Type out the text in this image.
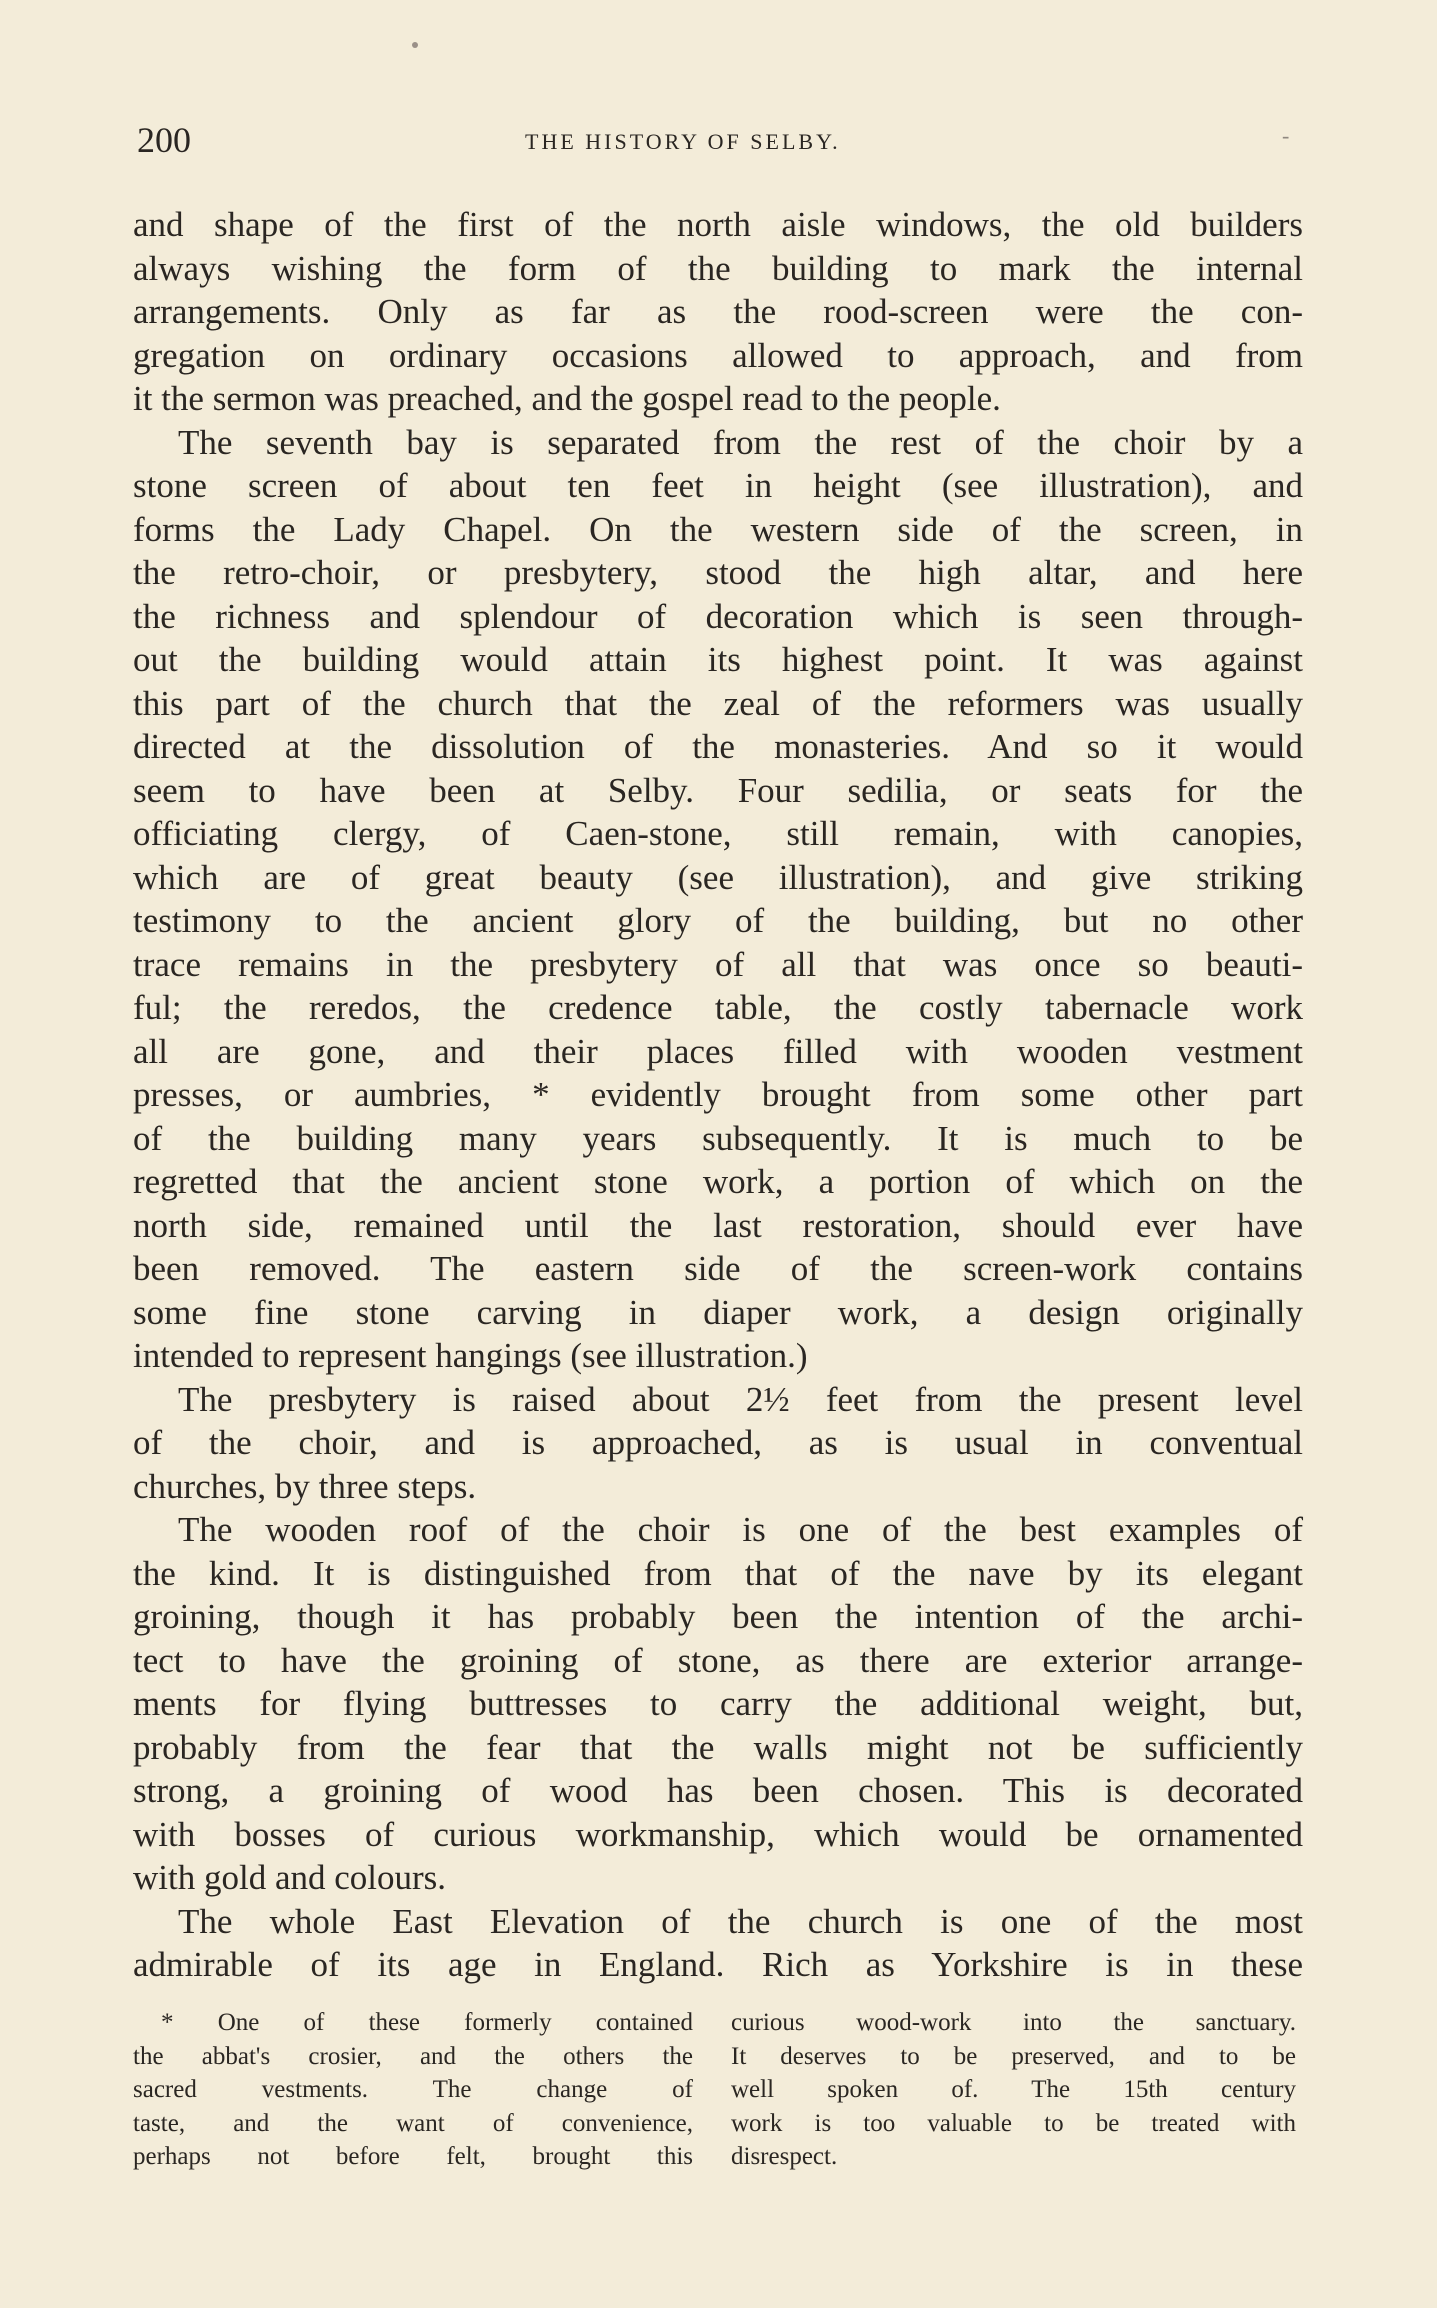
200	THE HISTORY OF SELBY.	-
and shape of the first of the north aisle windows, the old builders
always wishing the form of the building to mark the internal
arrangements. Only as far as the rood-screen were the con-
gregation on ordinary occasions allowed to approach, and from
it the sermon was preached, and the gospel read to the people.
The seventh bay is separated from the rest of the choir by a
stone screen of about ten feet in height (see illustration), and
forms the Lady Chapel. On the western side of the screen, in
the retro-choir, or presbytery, stood the high altar, and here
the richness and splendour of decoration which is seen through-
out the building would attain its highest point. It was against
this part of the church that the zeal of the reformers was usually
directed at the dissolution of the monasteries. And so it would
seem to have been at Selby. Four sedilia, or seats for the
officiating clergy, of Caen-stone, still remain, with canopies,
which are of great beauty (see illustration), and give striking
testimony to the ancient glory of the building, but no other
trace remains in the presbytery of all that was once so beauti-
ful; the reredos, the credence table, the costly tabernacle work
all are gone, and their places filled with wooden vestment
presses, or aumbries, * evidently brought from some other part
of the building many years subsequently. It is much to be
regretted that the ancient stone work, a portion of which on the
north side, remained until the last restoration, should ever have
been removed. The eastern side of the screen-work contains
some fine stone carving in diaper work, a design originally
intended to represent hangings (see illustration.)
The presbytery is raised about 2½ feet from the present level
of the choir, and is approached, as is usual in conventual
churches, by three steps.
The wooden roof of the choir is one of the best examples of
the kind. It is distinguished from that of the nave by its elegant
groining, though it has probably been the intention of the archi-
tect to have the groining of stone, as there are exterior arrange-
ments for flying buttresses to carry the additional weight, but,
probably from the fear that the walls might not be sufficiently
strong, a groining of wood has been chosen. This is decorated
with bosses of curious workmanship, which would be ornamented
with gold and colours.
The whole East Elevation of the church is one of the most
admirable of its age in England. Rich as Yorkshire is in these
* One of these formerly contained
the abbat's crosier, and the others the
sacred vestments. The change of
taste, and the want of convenience,
perhaps not before felt, brought this
curious wood-work into the sanctuary.
It deserves to be preserved, and to be
well spoken of. The 15th century
work is too valuable to be treated with
disrespect.
